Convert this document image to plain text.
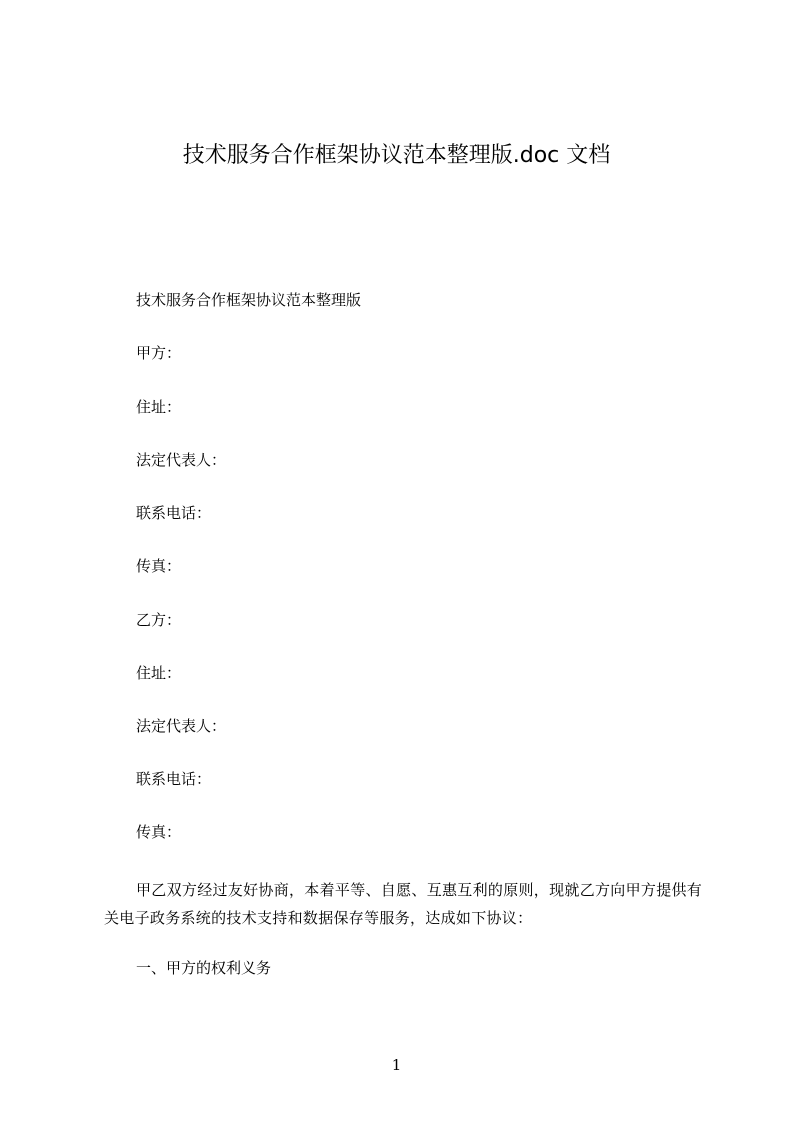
技术服务合作框架协议范本整理版.doc 文档

技术服务合作框架协议范本整理版

甲方：

住址：

法定代表人：

联系电话：

传真：

乙方：

住址：

法定代表人：

联系电话：

传真：

甲乙双方经过友好协商，本着平等、自愿、互惠互利的原则，现就乙方向甲方提供有关电子政务系统的技术支持和数据保存等服务，达成如下协议：

一、甲方的权利义务

1
